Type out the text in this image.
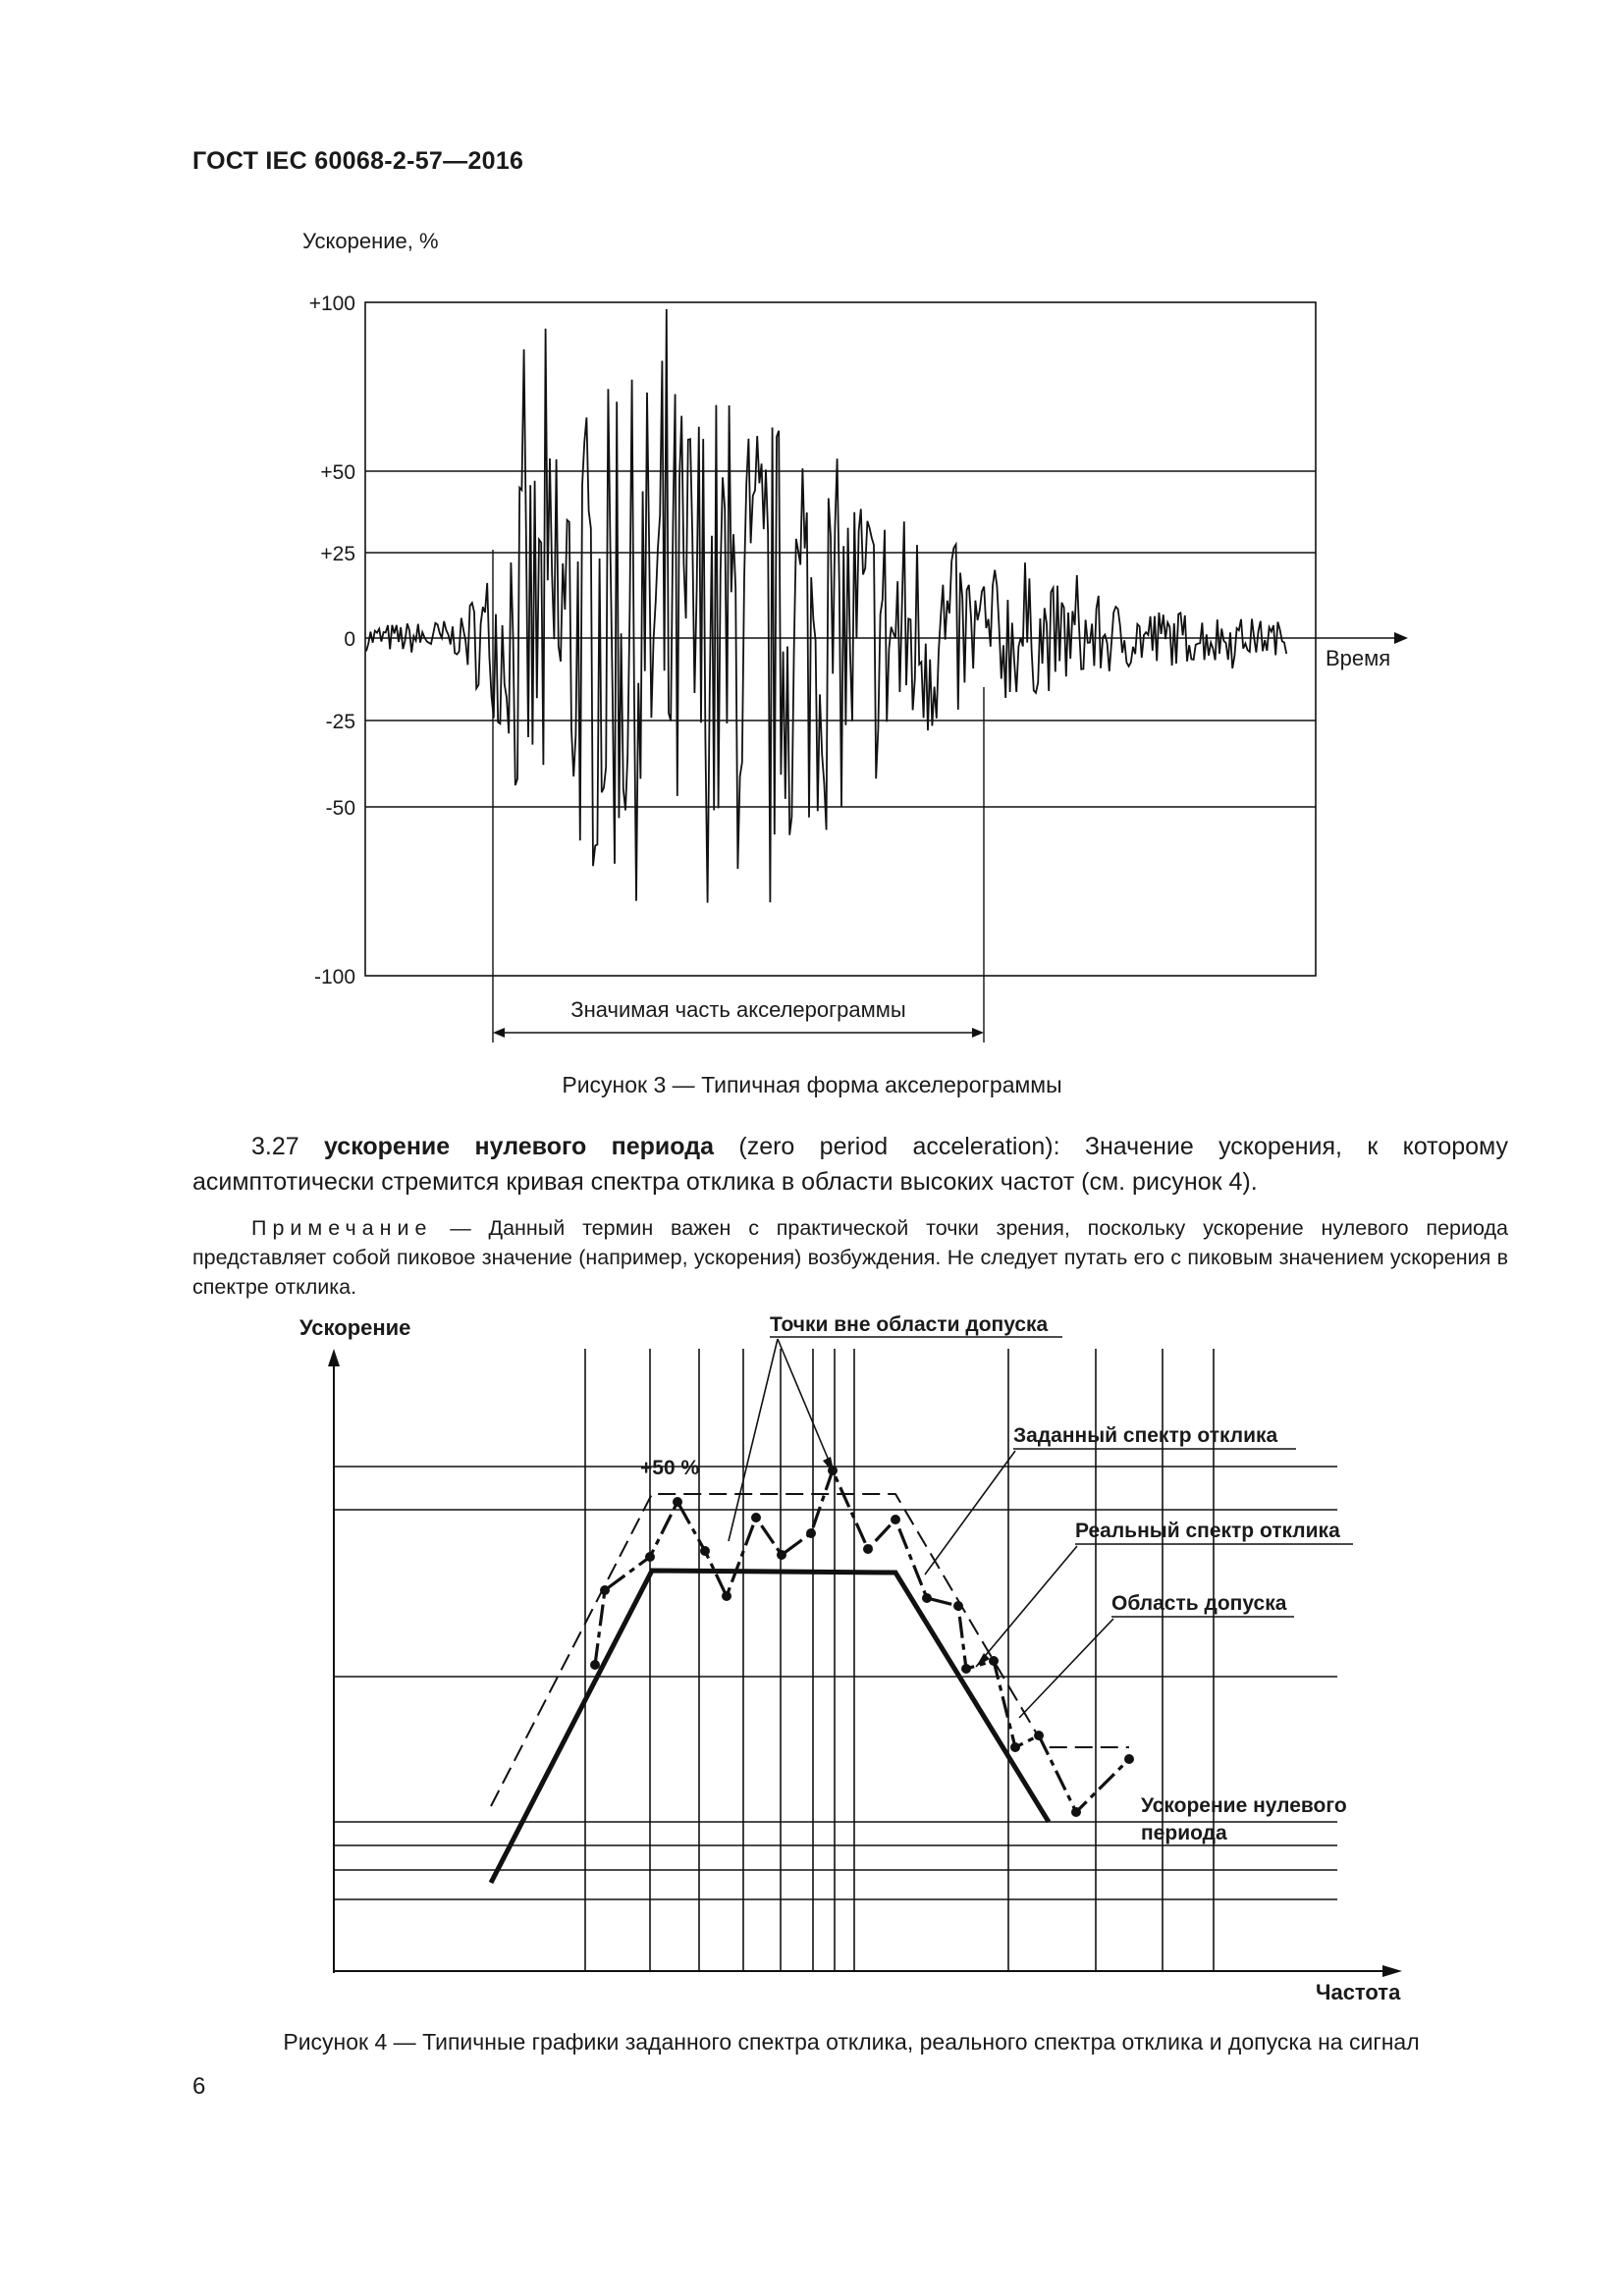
ГОСТ IEC 60068-2-57—2016
Ускорение, %
+100
+50
+25
0
-25
-50
-100
Время
Значимая часть акселерограммы
Ускорение
Частота
Точки вне области допуска
+50 %
Заданный спектр отклика
Реальный спектр отклика
Область допуска
Ускорение нулевого
периода
Рисунок 3 — Типичная форма акселерограммы
3.27 ускорение нулевого периода (zero period acceleration): Значение ускорения, к которому асимптотически стремится кривая спектра отклика в области высоких частот (см. рисунок 4).
Примечание — Данный термин важен с практической точки зрения, поскольку ускорение нулевого периода представляет собой пиковое значение (например, ускорения) возбуждения. Не следует путать его с пиковым значением ускорения в спектре отклика.
Рисунок 4 — Типичные графики заданного спектра отклика, реального спектра отклика и допуска на сигнал
6
